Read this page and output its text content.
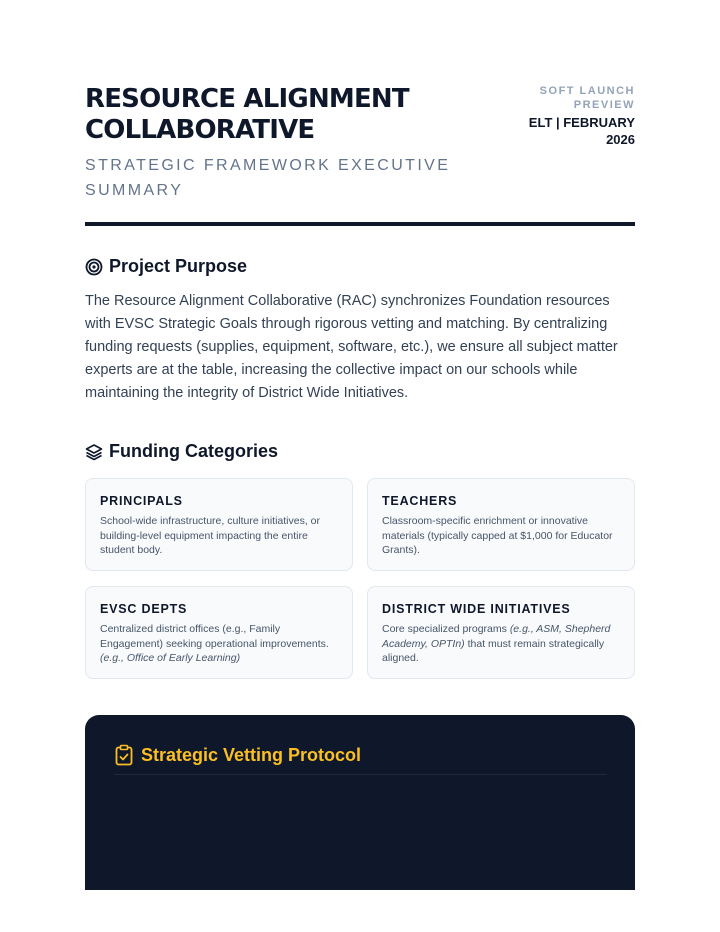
RESOURCE ALIGNMENT COLLABORATIVE
STRATEGIC FRAMEWORK EXECUTIVE SUMMARY
SOFT LAUNCH PREVIEW
ELT | FEBRUARY 2026
Project Purpose

The Resource Alignment Collaborative (RAC) synchronizes Foundation resources with EVSC Strategic Goals through rigorous vetting and matching. By centralizing funding requests (supplies, equipment, software, etc.), we ensure all subject matter experts are at the table, increasing the collective impact on our schools while maintaining the integrity of District Wide Initiatives.

Funding Categories
PRINCIPALS
School-wide infrastructure, culture initiatives, or building-level equipment impacting the entire student body.
TEACHERS
Classroom-specific enrichment or innovative materials (typically capped at $1,000 for Educator Grants).
EVSC DEPTS
Centralized district offices (e.g., Family Engagement) seeking operational improvements. (e.g., Office of Early Learning)
DISTRICT WIDE INITIATIVES
Core specialized programs (e.g., ASM, Shepherd Academy, OPTIn) that must remain strategically aligned.
Strategic Vetting Protocol
